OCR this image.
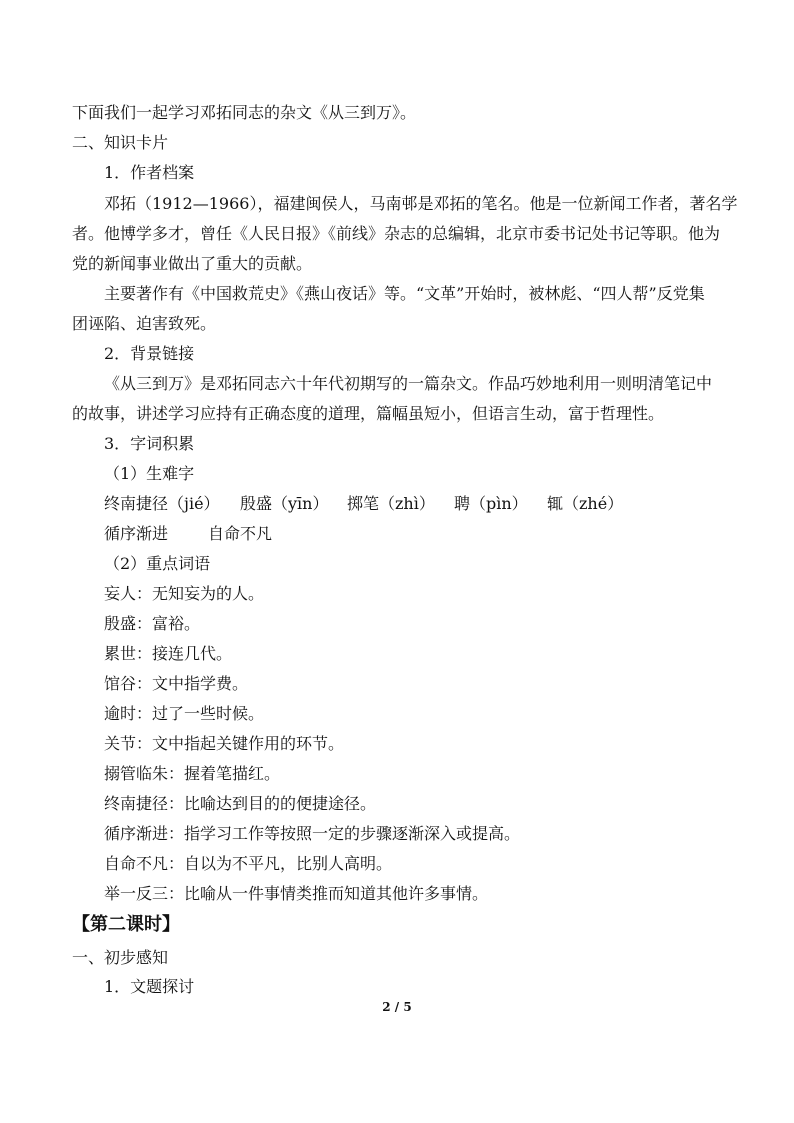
下面我们一起学习邓拓同志的杂文《从三到万》。
二、知识卡片
1．作者档案
邓拓（1912—1966），福建闽侯人，马南邨是邓拓的笔名。他是一位新闻工作者，著名学
者。他博学多才，曾任《人民日报》《前线》杂志的总编辑，北京市委书记处书记等职。他为
党的新闻事业做出了重大的贡献。
主要著作有《中国救荒史》《燕山夜话》等。“文革”开始时，被林彪、“四人帮”反党集
团诬陷、迫害致死。
2．背景链接
《从三到万》是邓拓同志六十年代初期写的一篇杂文。作品巧妙地利用一则明清笔记中
的故事，讲述学习应持有正确态度的道理，篇幅虽短小，但语言生动，富于哲理性。
3．字词积累
（1）生难字
终南捷径（jié） 殷盛（yīn） 掷笔（zhì） 聘（pìn） 辄（zhé）
循序渐进 自命不凡
（2）重点词语
妄人：无知妄为的人。
殷盛：富裕。
累世：接连几代。
馆谷：文中指学费。
逾时：过了一些时候。
关节：文中指起关键作用的环节。
搦管临朱：握着笔描红。
终南捷径：比喻达到目的的便捷途径。
循序渐进：指学习工作等按照一定的步骤逐渐深入或提高。
自命不凡：自以为不平凡，比别人高明。
举一反三：比喻从一件事情类推而知道其他许多事情。
【第二课时】
一、初步感知
1．文题探讨
2 / 5
